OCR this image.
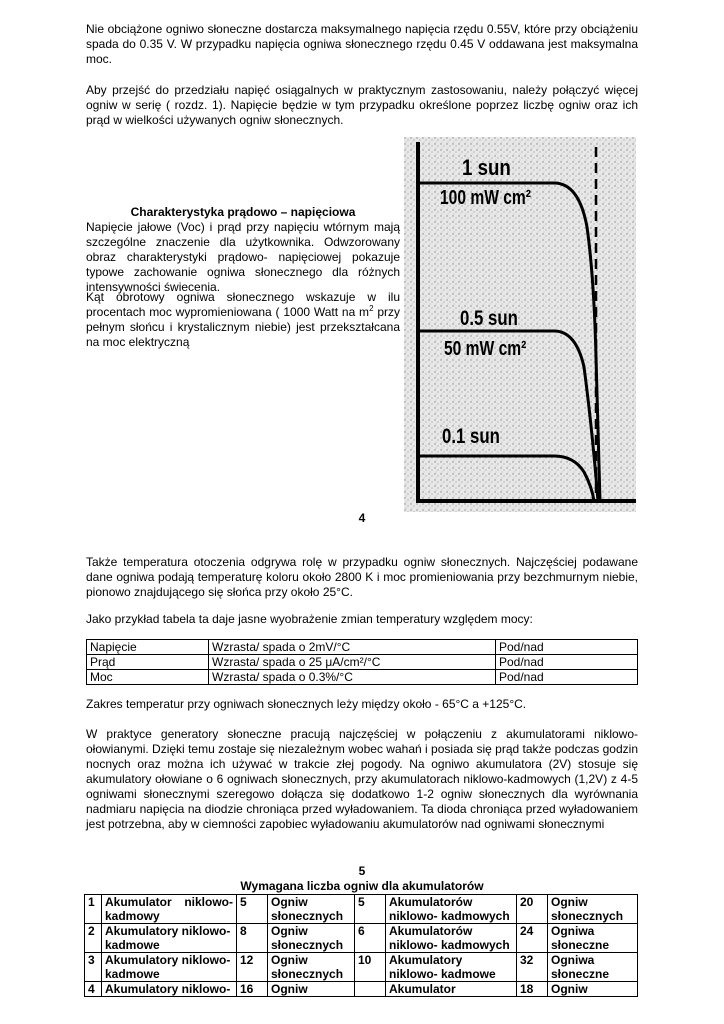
Nie obciążone ogniwo słoneczne dostarcza maksymalnego napięcia rzędu 0.55V, które przy obciążeniu spada do 0.35 V. W przypadku napięcia ogniwa słonecznego rzędu 0.45 V oddawana jest maksymalna moc.
Aby przejść do przedziału napięć osiągalnych w praktycznym zastosowaniu, należy połączyć więcej ogniw w serię ( rozdz. 1). Napięcie będzie w tym przypadku określone poprzez liczbę ogniw oraz ich prąd w wielkości używanych ogniw słonecznych.
Charakterystyka prądowo – napięciowa
Napięcie jałowe (Voc) i prąd przy napięciu wtórnym mają szczególne znaczenie dla użytkownika. Odwzorowany obraz charakterystyki prądowo- napięciowej pokazuje typowe zachowanie ogniwa słonecznego dla różnych intensywności świecenia.
Kąt obrotowy ogniwa słonecznego wskazuje w ilu procentach moc wypromieniowana ( 1000 Watt na $m^2$ przy pełnym słońcu i krystalicznym niebie) jest przekształcana na moc elektryczną
1 sun
100 mW cm²
0.5 sun
50 mW cm²
0.1 sun
4
Także temperatura otoczenia odgrywa rolę w przypadku ogniw słonecznych. Najczęściej podawane dane ogniwa podają temperaturę koloru około 2800 K i moc promieniowania przy bezchmurnym niebie, pionowo znajdującego się słońca przy około 25°C.
Jako przykład tabela ta daje jasne wyobrażenie zmian temperatury względem mocy:
Napięcie	Wzrasta/ spada o 2mV/°C	Pod/nad
Prąd	Wzrasta/ spada o 25 μA/cm²/°C	Pod/nad
Moc	Wzrasta/ spada o 0.3%/°C	Pod/nad
Zakres temperatur przy ogniwach słonecznych leży między około - 65°C a +125°C.
W praktyce generatory słoneczne pracują najczęściej w połączeniu z akumulatorami niklowo-ołowianymi. Dzięki temu zostaje się niezależnym wobec wahań i posiada się prąd także podczas godzin nocnych oraz można ich używać w trakcie złej pogody. Na ogniwo akumulatora (2V) stosuje się akumulatory ołowiane o 6 ogniwach słonecznych, przy akumulatorach niklowo-kadmowych (1,2V) z 4-5 ogniwami słonecznymi szeregowo dołącza się dodatkowo 1-2 ogniw słonecznych dla wyrównania nadmiaru napięcia na diodzie chroniąca przed wyładowaniem. Ta dioda chroniąca przed wyładowaniem jest potrzebna, aby w ciemności zapobiec wyładowaniu akumulatorów nad ogniwami słonecznymi
5
Wymagana liczba ogniw dla akumulatorów
1	Akumulator niklowo-kadmowy	5	Ogniw słonecznych	5	Akumulatorów niklowo- kadmowych	20	Ogniw słonecznych
2	Akumulatory niklowo-kadmowe	8	Ogniw słonecznych	6	Akumulatorów niklowo- kadmowych	24	Ogniwa słoneczne
3	Akumulatory niklowo-kadmowe	12	Ogniw słonecznych	10	Akumulatory niklowo- kadmowe	32	Ogniwa słoneczne
4	Akumulatory niklowo-	16	Ogniw		Akumulator	18	Ogniw
